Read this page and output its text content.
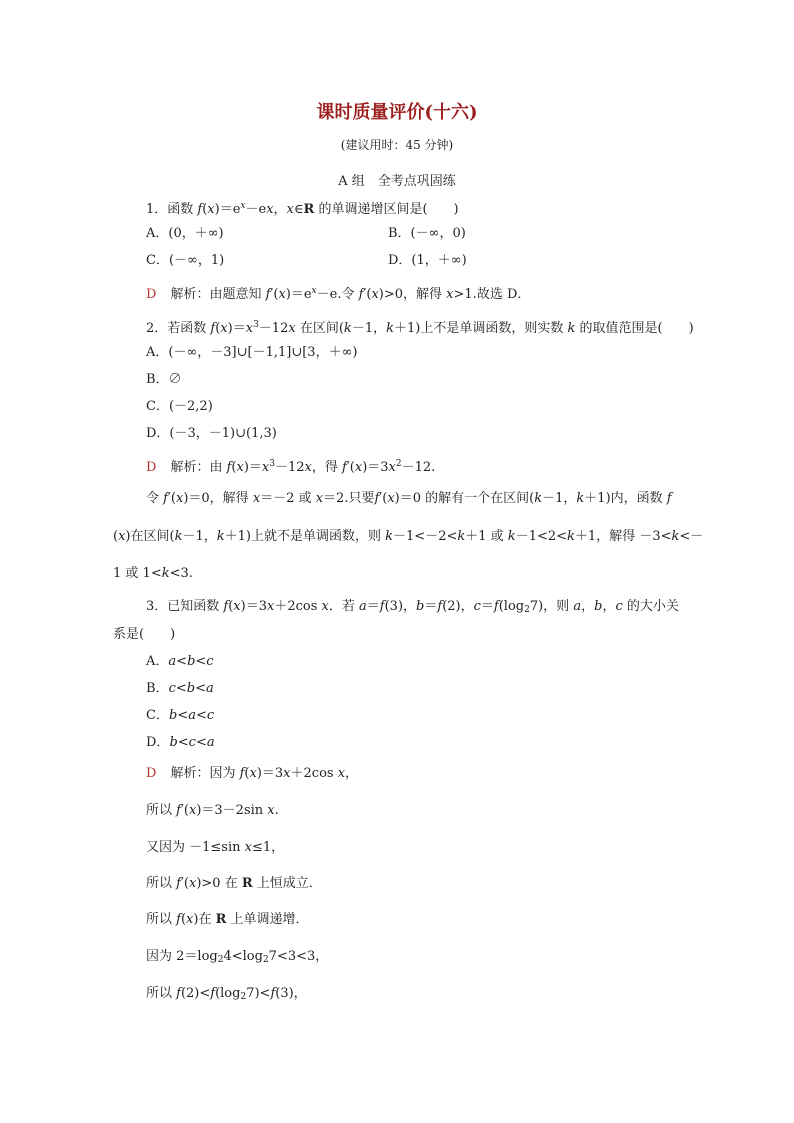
课时质量评价(十六)
(建议用时：45 分钟)
A 组　全考点巩固练
1．函数 $f(x)=e^x-ex$，x∈R 的单调递增区间是(　　)
A．(0，＋∞)	B．(－∞，0)
C．(－∞，1)	D．(1，＋∞)
D 解析：由题意知 $f'(x)=e^x-e$.令 f′(x)>0，解得 x>1.故选 D．
2．若函数 $f(x)=x^3-12x$ 在区间(k－1，k＋1)上不是单调函数，则实数 k 的取值范围是(　　)
A．(－∞，－3]∪[－1,1]∪[3，＋∞)
B．∅
C．(－2,2)
D．(－3，－1)∪(1,3)
D 解析：由 $f(x)=x^3-12x$，得 $f'(x)=3x^2-12$.
令 f′(x)＝0，解得 x＝－2 或 x＝2.只要f′(x)＝0 的解有一个在区间(k－1，k＋1)内，函数 f
(x)在区间(k－1，k＋1)上就不是单调函数，则 k－1<－2<k＋1 或 k－1<2<k＋1，解得 －3<k<－
1 或 1<k<3.
3．已知函数 f(x)＝3x＋2cos x．若 a＝f(3)，b＝f(2)，$c=f(\log_27)$，则 a，b，c 的大小关
系是(　　)
A．a<b<c
B．c<b<a
C．b<a<c
D．b<c<a
D 解析：因为 f(x)＝3x＋2cos x，
所以 f′(x)＝3－2sin x.
又因为 －1≤sin x≤1，
所以 f′(x)>0 在 R 上恒成立．
所以 f(x)在 R 上单调递增．
因为 $2=\log_24<\log_27<3<3$，
所以 $f(2)<f(\log_27)<f(3)$，
